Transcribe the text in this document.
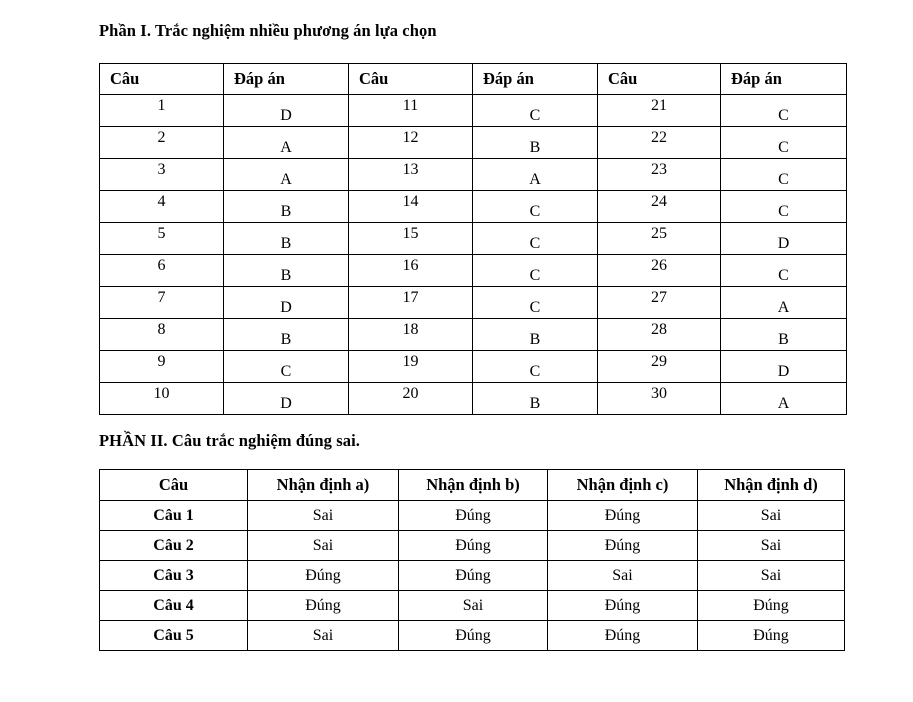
Phần I. Trắc nghiệm nhiều phương án lựa chọn
Câu	Đáp án	Câu	Đáp án	Câu	Đáp án

1	D	11	C	21	C

2	A	12	B	22	C

3	A	13	A	23	C

4	B	14	C	24	C

5	B	15	C	25	D

6	B	16	C	26	C

7	D	17	C	27	A

8	B	18	B	28	B

9	C	19	C	29	D

10	D	20	B	30	A
PHẦN II. Câu trắc nghiệm đúng sai.
Câu	Nhận định a)	Nhận định b)	Nhận định c)	Nhận định d)
Câu 1	Sai	Đúng	Đúng	Sai
Câu 2	Sai	Đúng	Đúng	Sai
Câu 3	Đúng	Đúng	Sai	Sai
Câu 4	Đúng	Sai	Đúng	Đúng
Câu 5	Sai	Đúng	Đúng	Đúng
